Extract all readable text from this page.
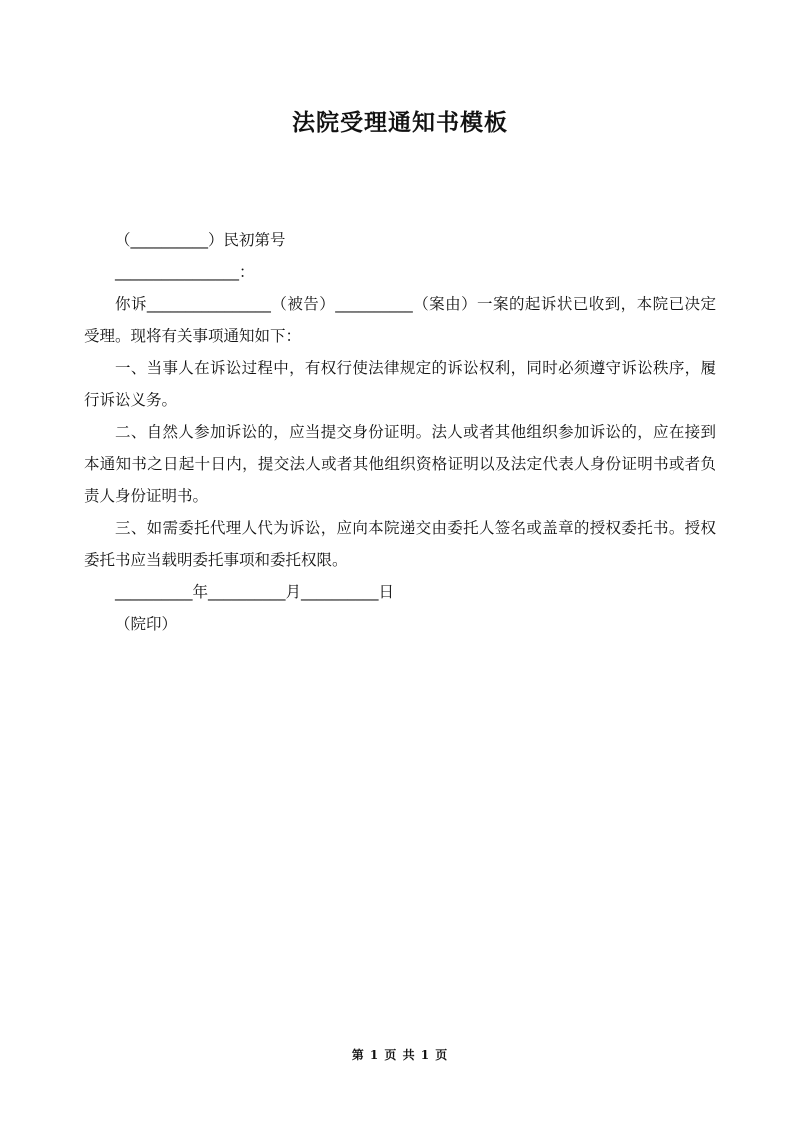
法院受理通知书模板

（__________）民初第号

________________：

你诉________________（被告）__________（案由）一案的起诉状已收到，本院已决定受理。现将有关事项通知如下：

一、当事人在诉讼过程中，有权行使法律规定的诉讼权利，同时必须遵守诉讼秩序，履行诉讼义务。

二、自然人参加诉讼的，应当提交身份证明。法人或者其他组织参加诉讼的，应在接到本通知书之日起十日内，提交法人或者其他组织资格证明以及法定代表人身份证明书或者负责人身份证明书。

三、如需委托代理人代为诉讼，应向本院递交由委托人签名或盖章的授权委托书。授权委托书应当载明委托事项和委托权限。

__________年__________月__________日

（院印）

第 1 页 共 1 页
